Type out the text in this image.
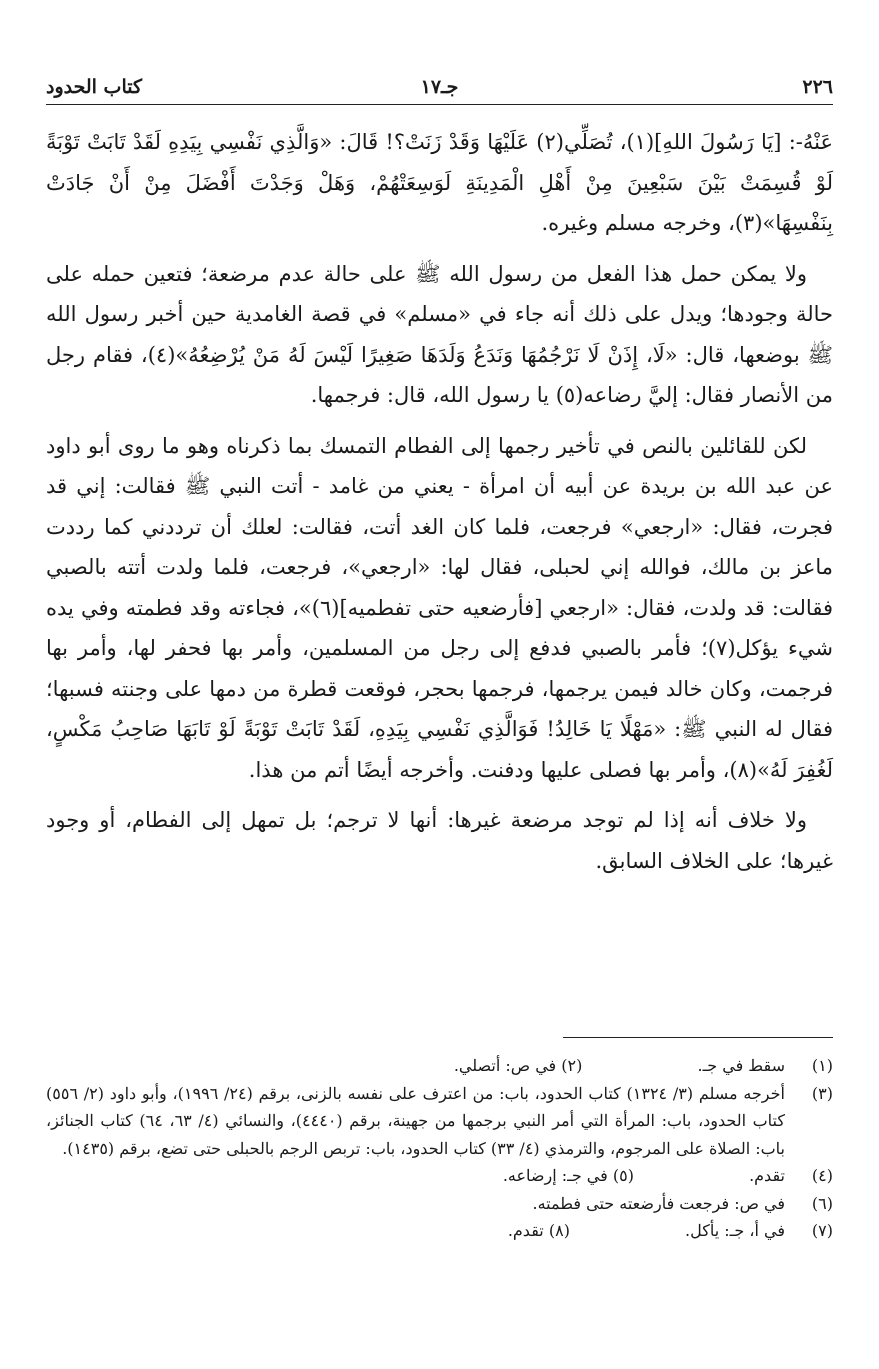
٢٢٦
جـ١٧
كتاب الحدود

عَنْهُ-: [يَا رَسُولَ اللهِ](١)، تُصَلِّي(٢) عَلَيْهَا وَقَدْ زَنَتْ؟! قَالَ: «وَالَّذِي نَفْسِي بِيَدِهِ لَقَدْ تَابَتْ تَوْبَةً لَوْ قُسِمَتْ بَيْنَ سَبْعِينَ مِنْ أَهْلِ الْمَدِينَةِ لَوَسِعَتْهُمْ، وَهَلْ وَجَدْتَ أَفْضَلَ مِنْ أَنْ جَادَتْ بِنَفْسِهَا»(٣)، وخرجه مسلم وغيره.

ولا يمكن حمل هذا الفعل من رسول الله ﷺ على حالة عدم مرضعة؛ فتعين حمله على حالة وجودها؛ ويدل على ذلك أنه جاء في «مسلم» في قصة الغامدية حين أخبر رسول الله ﷺ بوضعها، قال: «لَا، إِذَنْ لَا نَرْجُمُهَا وَنَدَعُ وَلَدَهَا صَغِيرًا لَيْسَ لَهُ مَنْ يُرْضِعُهُ»(٤)، فقام رجل من الأنصار فقال: إليَّ رضاعه(٥) يا رسول الله، قال: فرجمها.

لكن للقائلين بالنص في تأخير رجمها إلى الفطام التمسك بما ذكرناه وهو ما روى أبو داود عن عبد الله بن بريدة عن أبيه أن امرأة - يعني من غامد - أتت النبي ﷺ فقالت: إني قد فجرت، فقال: «ارجعي» فرجعت، فلما كان الغد أتت، فقالت: لعلك أن ترددني كما رددت ماعز بن مالك، فوالله إني لحبلى، فقال لها: «ارجعي»، فرجعت، فلما ولدت أتته بالصبي فقالت: قد ولدت، فقال: «ارجعي [فأرضعيه حتى تفطميه](٦)»، فجاءته وقد فطمته وفي يده شيء يؤكل(٧)؛ فأمر بالصبي فدفع إلى رجل من المسلمين، وأمر بها فحفر لها، وأمر بها فرجمت، وكان خالد فيمن يرجمها، فرجمها بحجر، فوقعت قطرة من دمها على وجنته فسبها؛ فقال له النبي ﷺ: «مَهْلًا يَا خَالِدُ! فَوَالَّذِي نَفْسِي بِيَدِهِ، لَقَدْ تَابَتْ تَوْبَةً لَوْ تَابَهَا صَاحِبُ مَكْسٍ، لَغُفِرَ لَهُ»(٨)، وأمر بها فصلى عليها ودفنت. وأخرجه أيضًا أتم من هذا.

ولا خلاف أنه إذا لم توجد مرضعة غيرها: أنها لا ترجم؛ بل تمهل إلى الفطام، أو وجود غيرها؛ على الخلاف السابق.

(١)
سقط في جـ. (٢) في ص: أتصلي.
(٣)
أخرجه مسلم (٣/ ١٣٢٤) كتاب الحدود، باب: من اعترف على نفسه بالزنى، برقم (٢٤/ ١٩٩٦)، وأبو داود (٢/ ٥٥٦) كتاب الحدود، باب: المرأة التي أمر النبي برجمها من جهينة، برقم (٤٤٤٠)، والنسائي (٤/ ٦٣، ٦٤) كتاب الجنائز، باب: الصلاة على المرجوم، والترمذي (٤/ ٣٣) كتاب الحدود، باب: تربص الرجم بالحبلى حتى تضع، برقم (١٤٣٥).
(٤)
تقدم. (٥) في جـ: إرضاعه.
(٦)
في ص: فرجعت فأرضعته حتى فطمته.
(٧)
في أ، جـ: يأكل. (٨) تقدم.
